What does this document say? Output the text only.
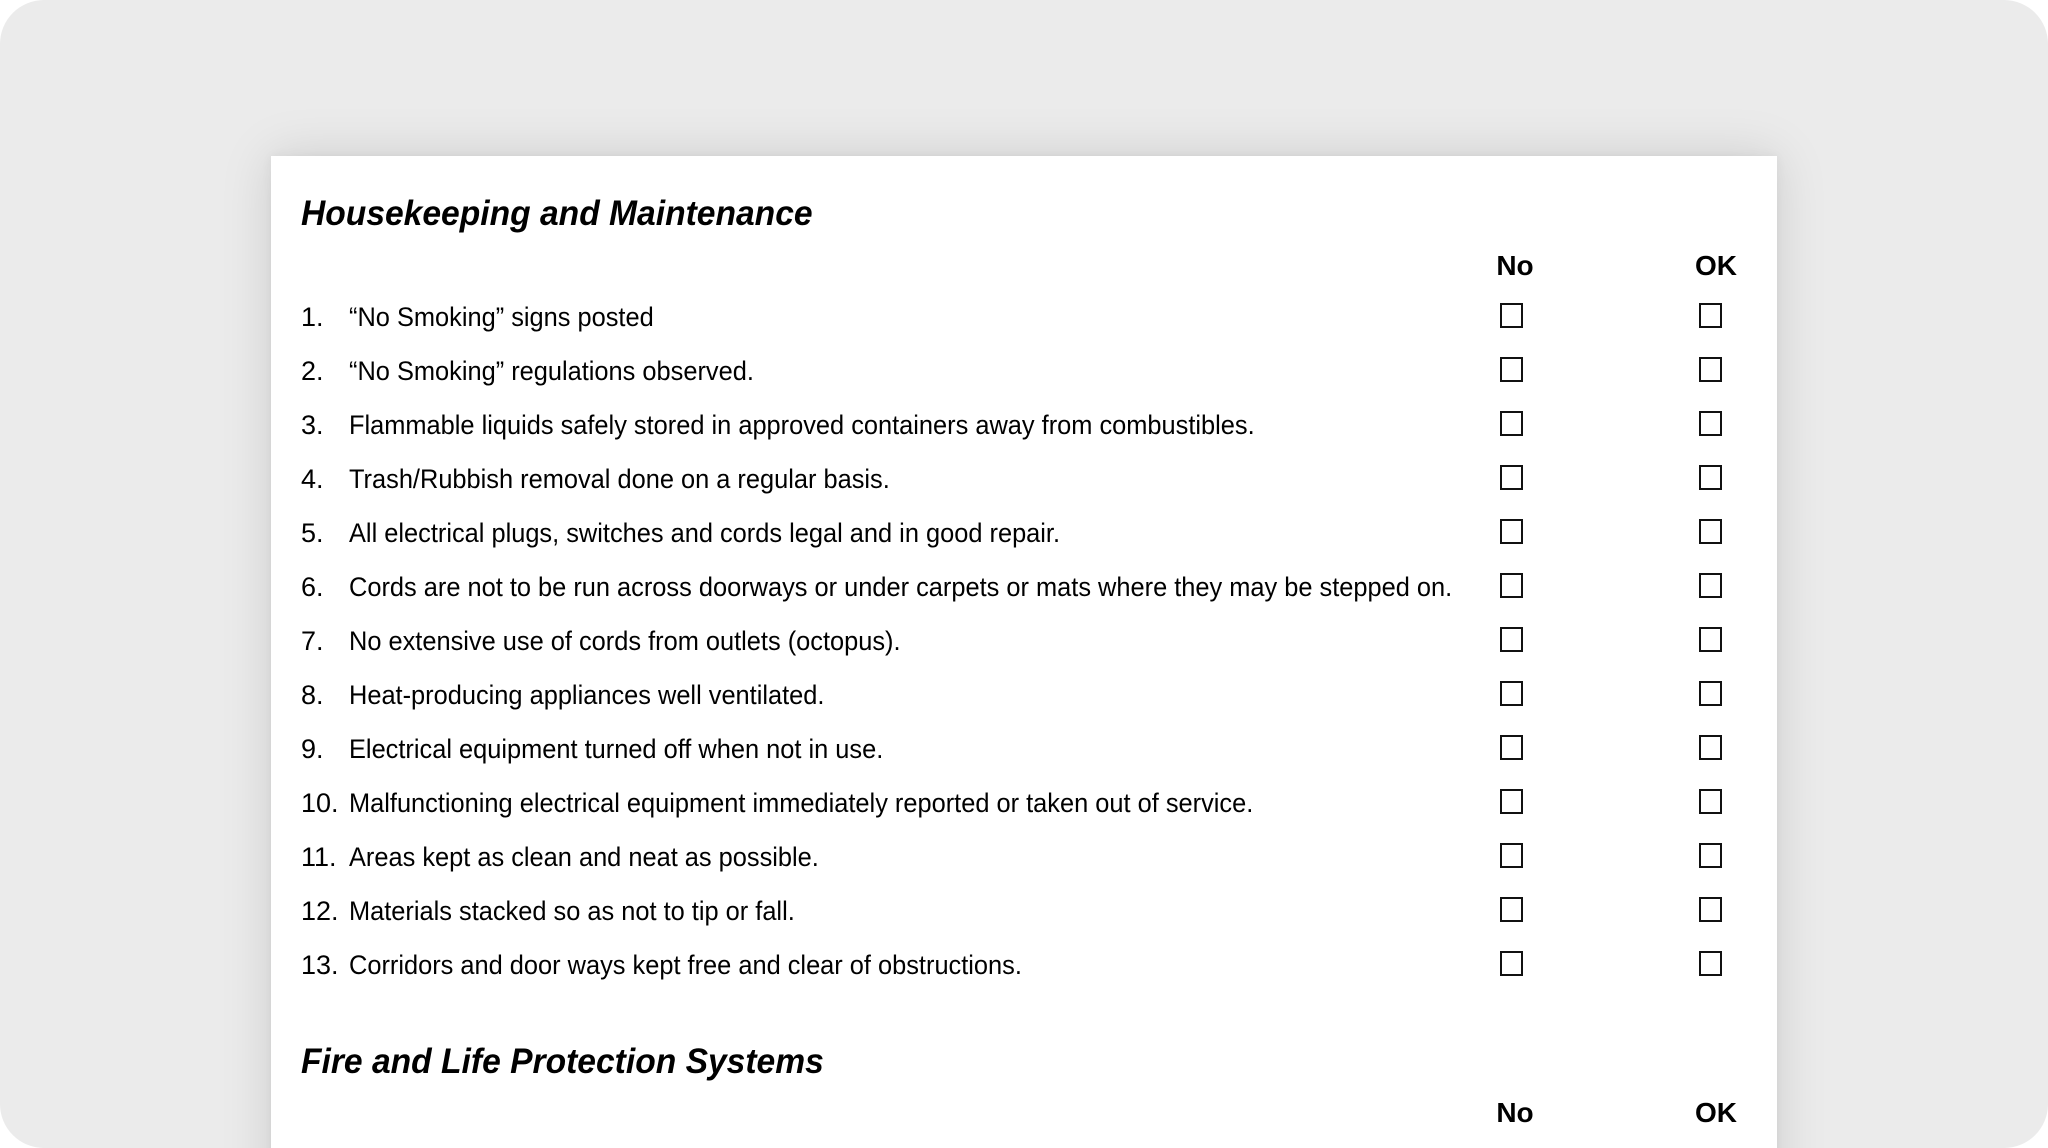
Housekeeping and Maintenance
No	OK
1. “No Smoking” signs posted
2. “No Smoking” regulations observed.
3. Flammable liquids safely stored in approved containers away from combustibles.
4. Trash/Rubbish removal done on a regular basis.
5. All electrical plugs, switches and cords legal and in good repair.
6. Cords are not to be run across doorways or under carpets or mats where they may be stepped on.
7. No extensive use of cords from outlets (octopus).
8. Heat-producing appliances well ventilated.
9. Electrical equipment turned off when not in use.
10. Malfunctioning electrical equipment immediately reported or taken out of service.
11. Areas kept as clean and neat as possible.
12. Materials stacked so as not to tip or fall.
13. Corridors and door ways kept free and clear of obstructions.
Fire and Life Protection Systems
No	OK
